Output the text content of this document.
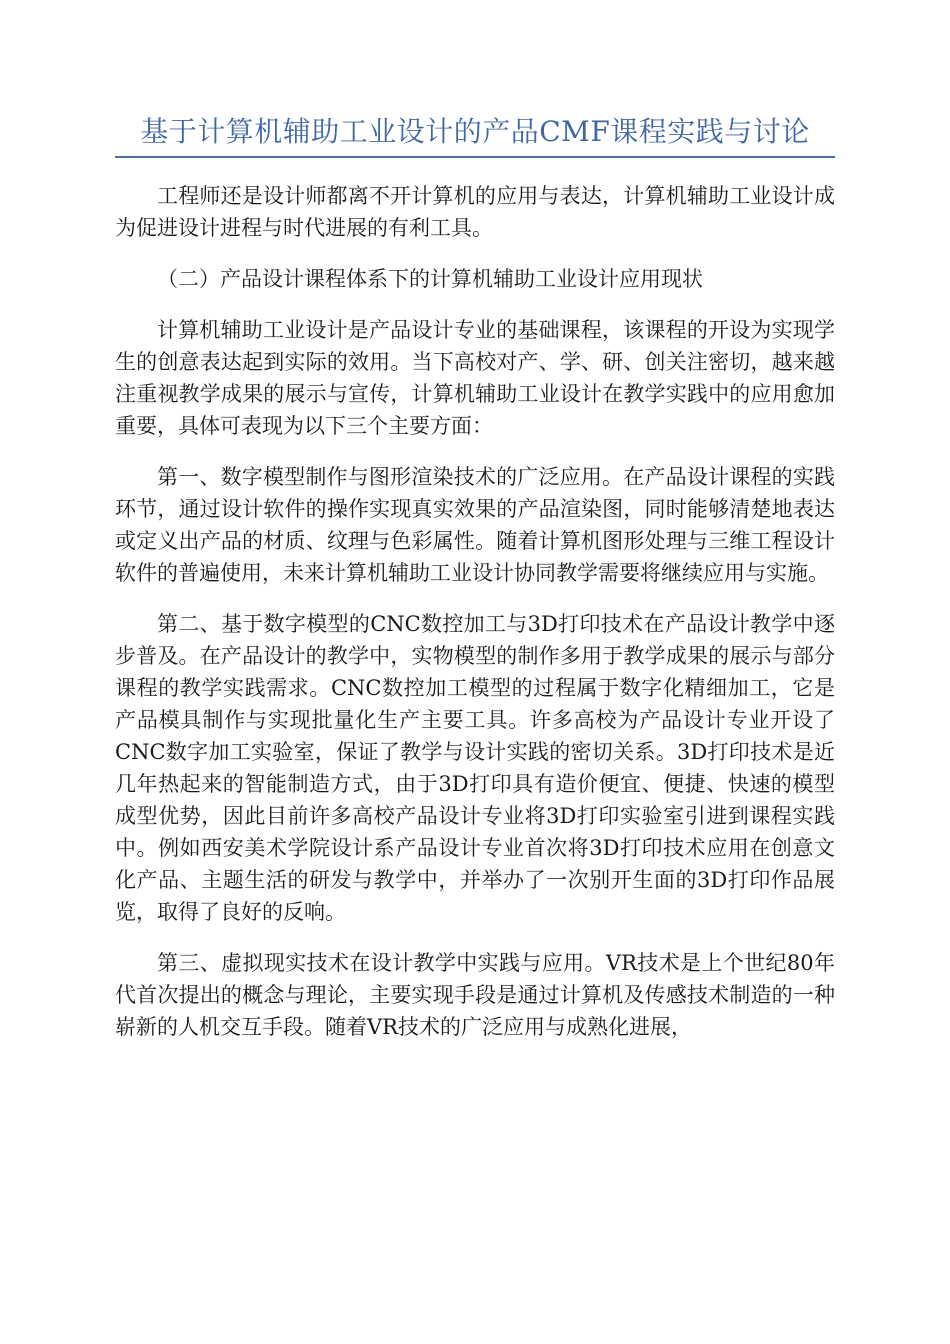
基于计算机辅助工业设计的产品CMF课程实践与讨论

工程师还是设计师都离不开计算机的应用与表达，计算机辅助工业设计成为促进设计进程与时代进展的有利工具。

（二）产品设计课程体系下的计算机辅助工业设计应用现状

计算机辅助工业设计是产品设计专业的基础课程，该课程的开设为实现学生的创意表达起到实际的效用。当下高校对产、学、研、创关注密切，越来越注重视教学成果的展示与宣传，计算机辅助工业设计在教学实践中的应用愈加重要，具体可表现为以下三个主要方面：

第一、数字模型制作与图形渲染技术的广泛应用。在产品设计课程的实践环节，通过设计软件的操作实现真实效果的产品渲染图，同时能够清楚地表达或定义出产品的材质、纹理与色彩属性。随着计算机图形处理与三维工程设计软件的普遍使用，未来计算机辅助工业设计协同教学需要将继续应用与实施。

第二、基于数字模型的CNC数控加工与3D打印技术在产品设计教学中逐步普及。在产品设计的教学中，实物模型的制作多用于教学成果的展示与部分课程的教学实践需求。CNC数控加工模型的过程属于数字化精细加工，它是产品模具制作与实现批量化生产主要工具。许多高校为产品设计专业开设了CNC数字加工实验室，保证了教学与设计实践的密切关系。3D打印技术是近几年热起来的智能制造方式，由于3D打印具有造价便宜、便捷、快速的模型成型优势，因此目前许多高校产品设计专业将3D打印实验室引进到课程实践中。例如西安美术学院设计系产品设计专业首次将3D打印技术应用在创意文化产品、主题生活的研发与教学中，并举办了一次别开生面的3D打印作品展览，取得了良好的反响。

第三、虚拟现实技术在设计教学中实践与应用。VR技术是上个世纪80年代首次提出的概念与理论，主要实现手段是通过计算机及传感技术制造的一种崭新的人机交互手段。随着VR技术的广泛应用与成熟化进展，
